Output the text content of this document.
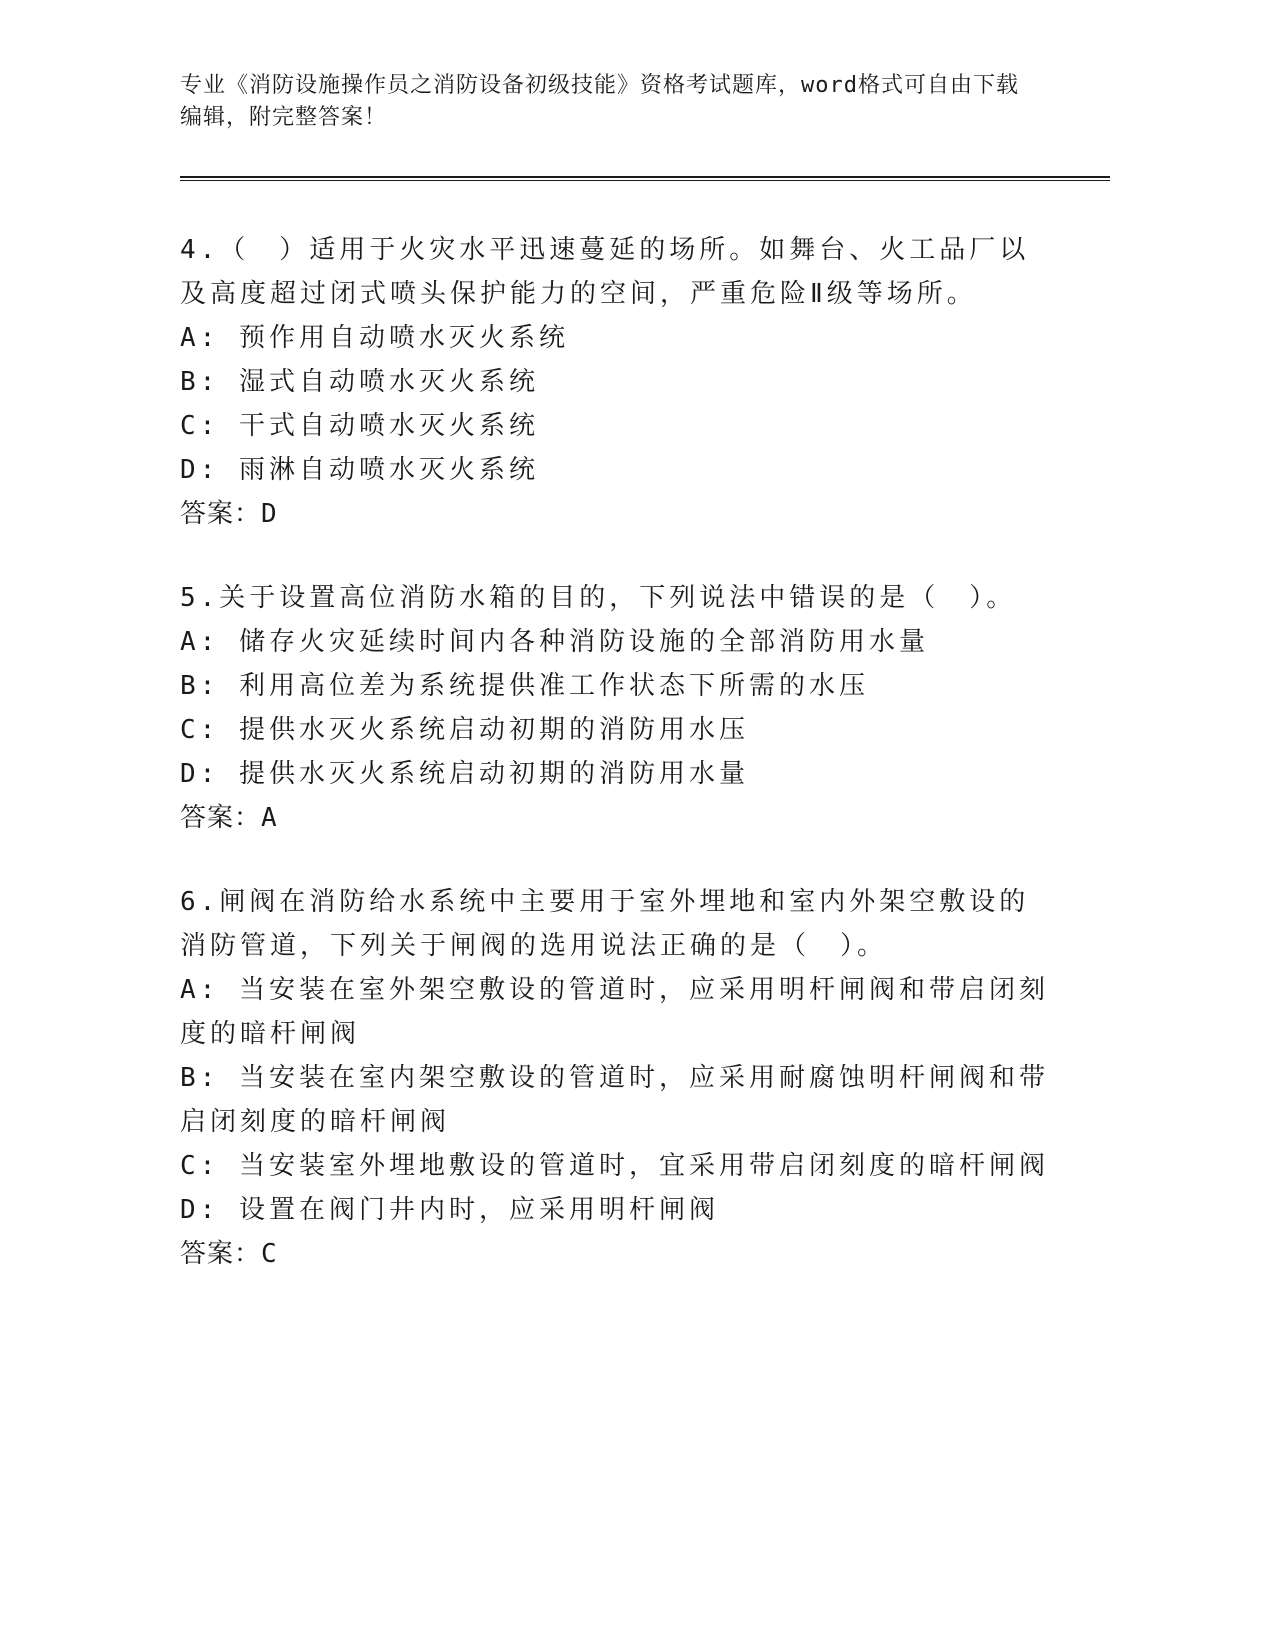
专业《消防设施操作员之消防设备初级技能》资格考试题库，word格式可自由下载编辑，附完整答案！
4.（　）适用于火灾水平迅速蔓延的场所。如舞台、火工品厂以及高度超过闭式喷头保护能力的空间，严重危险Ⅱ级等场所。
A: 预作用自动喷水灭火系统
B: 湿式自动喷水灭火系统
C: 干式自动喷水灭火系统
D: 雨淋自动喷水灭火系统
答案：D
5.关于设置高位消防水箱的目的，下列说法中错误的是（　）。
A: 储存火灾延续时间内各种消防设施的全部消防用水量
B: 利用高位差为系统提供准工作状态下所需的水压
C: 提供水灭火系统启动初期的消防用水压
D: 提供水灭火系统启动初期的消防用水量
答案：A
6.闸阀在消防给水系统中主要用于室外埋地和室内外架空敷设的消防管道，下列关于闸阀的选用说法正确的是（　）。
A: 当安装在室外架空敷设的管道时，应采用明杆闸阀和带启闭刻度的暗杆闸阀
B: 当安装在室内架空敷设的管道时，应采用耐腐蚀明杆闸阀和带启闭刻度的暗杆闸阀
C: 当安装室外埋地敷设的管道时，宜采用带启闭刻度的暗杆闸阀
D: 设置在阀门井内时，应采用明杆闸阀
答案：C
